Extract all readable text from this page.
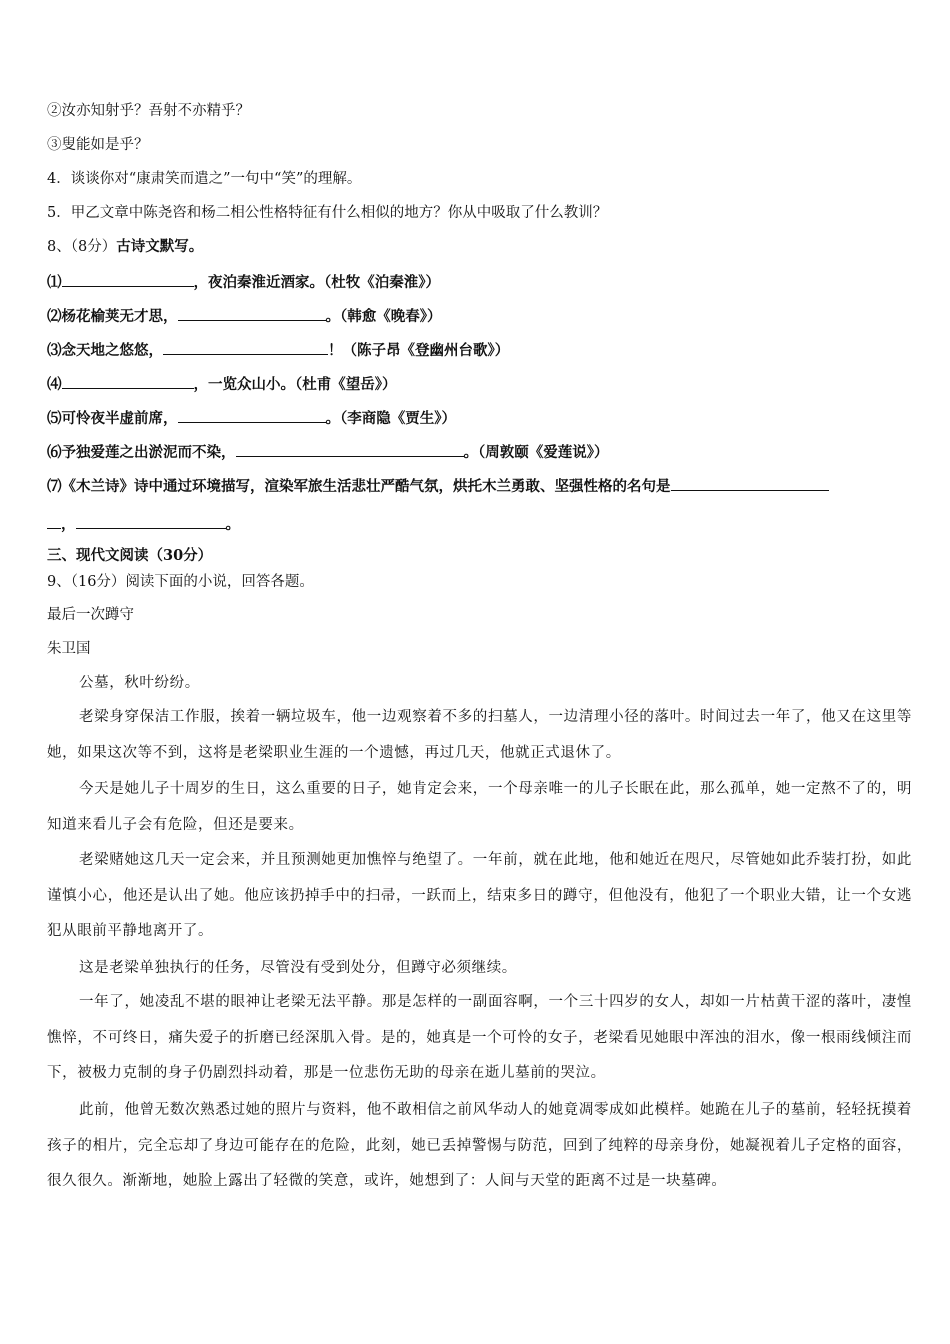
②汝亦知射乎？吾射不亦精乎？
③叟能如是乎？
4．谈谈你对“康肃笑而遣之”一句中“笑”的理解。
5．甲乙文章中陈尧咨和杨二相公性格特征有什么相似的地方？你从中吸取了什么教训？
8、（8分）古诗文默写。
⑴	，夜泊秦淮近酒家。（杜牧《泊秦淮》）
⑵杨花榆荚无才思，	。（韩愈《晚春》）
⑶念天地之悠悠，	！（陈子昂《登幽州台歌》）
⑷	，一览众山小。（杜甫《望岳》）
⑸可怜夜半虚前席，	。（李商隐《贾生》）
⑹予独爱莲之出淤泥而不染，	。（周敦颐《爱莲说》）
⑺《木兰诗》诗中通过环境描写，渲染军旅生活悲壮严酷气氛，烘托木兰勇敢、坚强性格的名句是
，	。
三、现代文阅读（30分）
9、（16分）阅读下面的小说，回答各题。
最后一次蹲守
朱卫国
公墓，秋叶纷纷。
老梁身穿保洁工作服，挨着一辆垃圾车，他一边观察着不多的扫墓人，一边清理小径的落叶。时间过去一年了，他又在这里等她，如果这次等不到，这将是老梁职业生涯的一个遗憾，再过几天，他就正式退休了。
今天是她儿子十周岁的生日，这么重要的日子，她肯定会来，一个母亲唯一的儿子长眠在此，那么孤单，她一定熬不了的，明知道来看儿子会有危险，但还是要来。
老梁赌她这几天一定会来，并且预测她更加憔悴与绝望了。一年前，就在此地，他和她近在咫尺，尽管她如此乔装打扮，如此谨慎小心，他还是认出了她。他应该扔掉手中的扫帚，一跃而上，结束多日的蹲守，但他没有，他犯了一个职业大错，让一个女逃犯从眼前平静地离开了。
这是老梁单独执行的任务，尽管没有受到处分，但蹲守必须继续。
一年了，她凌乱不堪的眼神让老梁无法平静。那是怎样的一副面容啊，一个三十四岁的女人，却如一片枯黄干涩的落叶，凄惶憔悴，不可终日，痛失爱子的折磨已经深肌入骨。是的，她真是一个可怜的女子，老梁看见她眼中浑浊的泪水，像一根雨线倾注而下，被极力克制的身子仍剧烈抖动着，那是一位悲伤无助的母亲在逝儿墓前的哭泣。
此前，他曾无数次熟悉过她的照片与资料，他不敢相信之前风华动人的她竟凋零成如此模样。她跪在儿子的墓前，轻轻抚摸着孩子的相片，完全忘却了身边可能存在的危险，此刻，她已丢掉警惕与防范，回到了纯粹的母亲身份，她凝视着儿子定格的面容，很久很久。渐渐地，她脸上露出了轻微的笑意，或许，她想到了：人间与天堂的距离不过是一块墓碑。
